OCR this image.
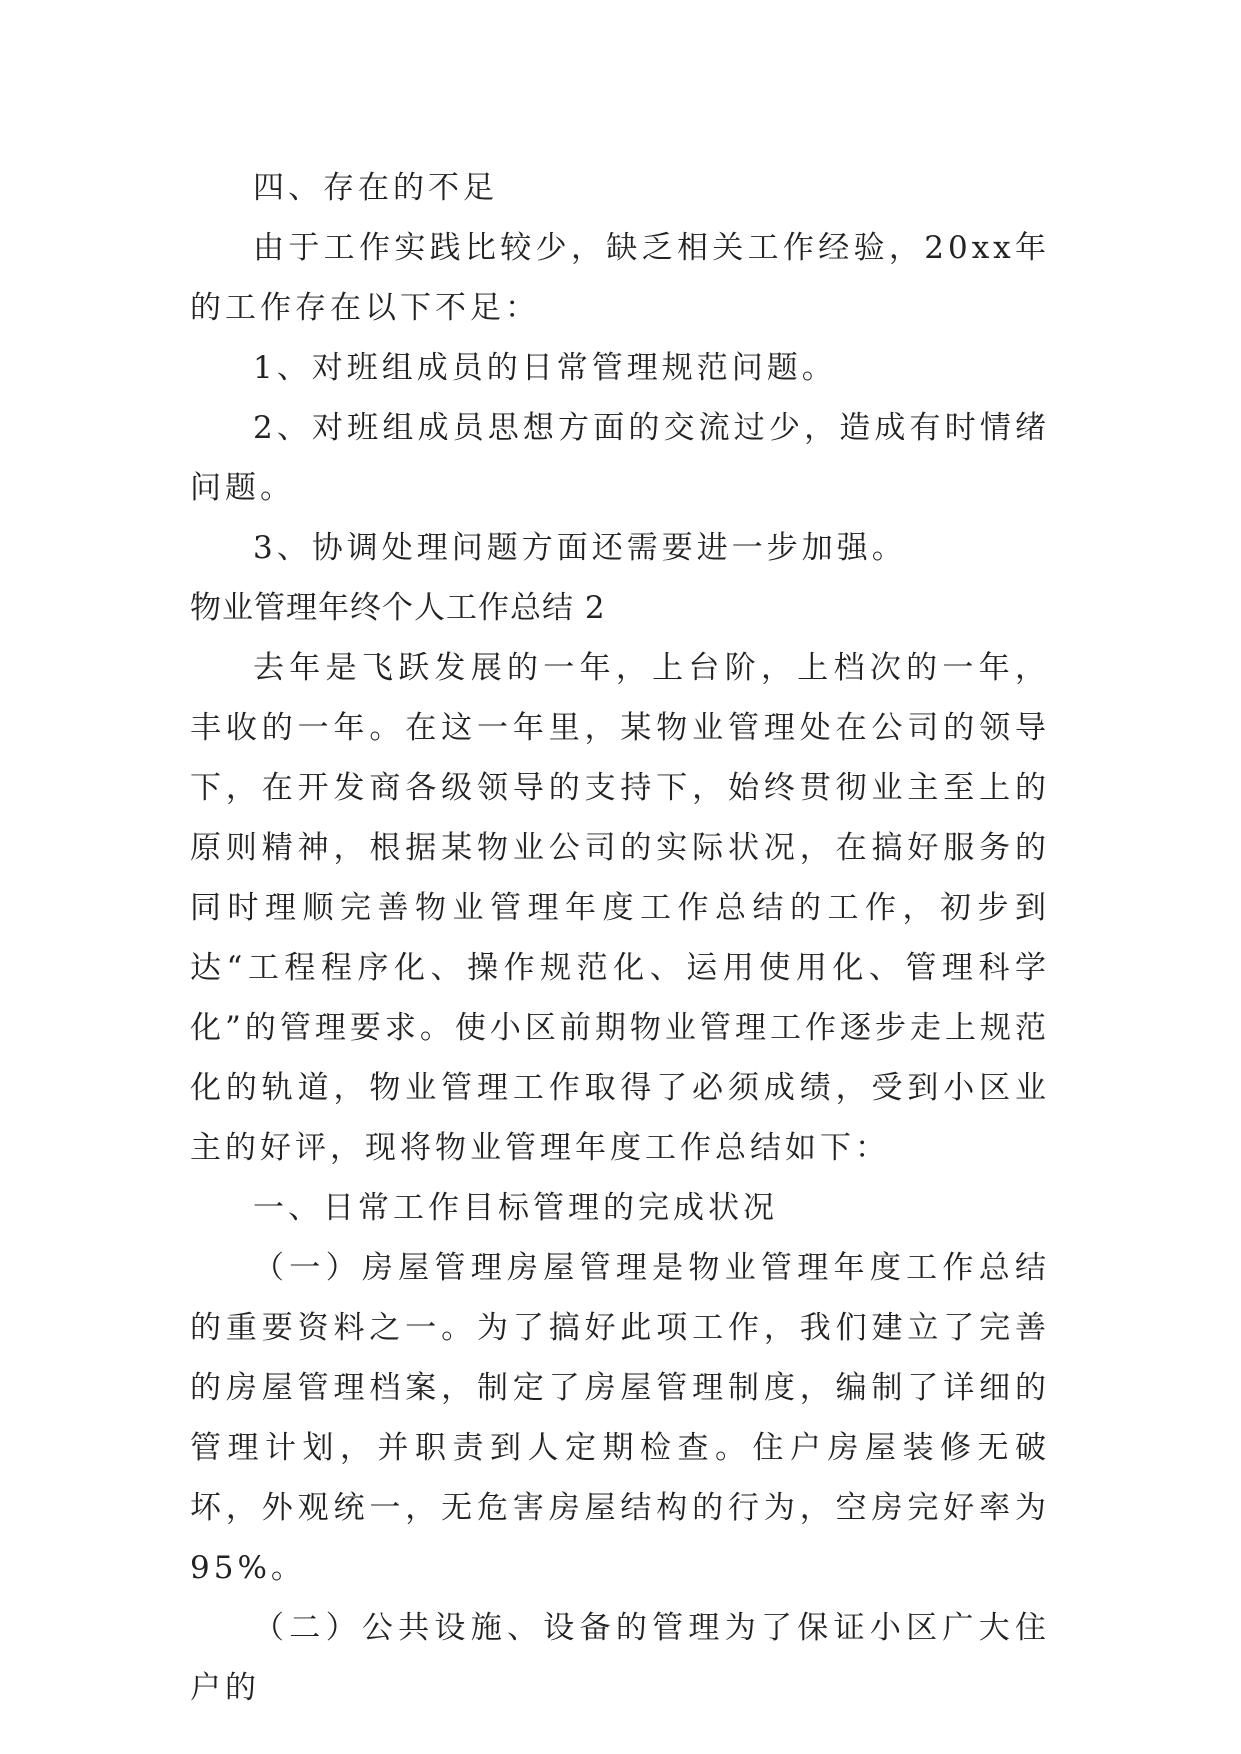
四、存在的不足

由于工作实践比较少，缺乏相关工作经验，20xx年的工作存在以下不足：

1、对班组成员的日常管理规范问题。

2、对班组成员思想方面的交流过少，造成有时情绪问题。

3、协调处理问题方面还需要进一步加强。

物业管理年终个人工作总结 2

去年是飞跃发展的一年，上台阶，上档次的一年，丰收的一年。在这一年里，某物业管理处在公司的领导下，在开发商各级领导的支持下，始终贯彻业主至上的原则精神，根据某物业公司的实际状况，在搞好服务的同时理顺完善物业管理年度工作总结的工作，初步到达“工程程序化、操作规范化、运用使用化、管理科学化”的管理要求。使小区前期物业管理工作逐步走上规范化的轨道，物业管理工作取得了必须成绩，受到小区业主的好评，现将物业管理年度工作总结如下：

一、日常工作目标管理的完成状况

（一）房屋管理房屋管理是物业管理年度工作总结的重要资料之一。为了搞好此项工作，我们建立了完善的房屋管理档案，制定了房屋管理制度，编制了详细的管理计划，并职责到人定期检查。住户房屋装修无破坏，外观统一，无危害房屋结构的行为，空房完好率为95%。

（二）公共设施、设备的管理为了保证小区广大住户的
